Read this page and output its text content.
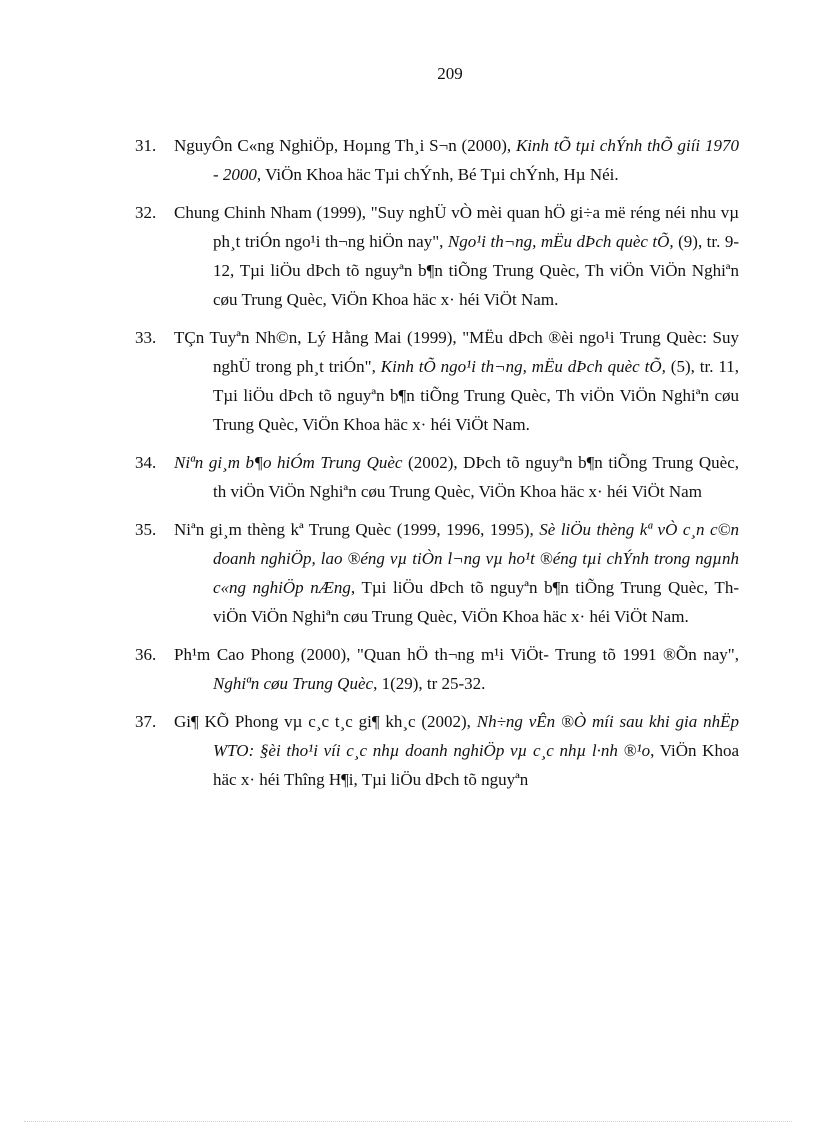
209
31. NguyÔn C«ng NghiÖp, Hoµng Th¸i S¬n (2000), Kinh tÕ tµi chÝnh thÕ giíi 1970 - 2000, ViÖn Khoa häc Tµi chÝnh, Bé Tµi chÝnh, Hµ Néi.
32. Chung Chinh Nham (1999), "Suy nghÜ vÒ mèi quan hÖ gi÷a më réng néi nhu vµ ph¸t triÓn ngo¹i th¬ng hiÖn nay", Ngo¹i th¬ng, mËu dÞch quèc tÕ, (9), tr. 9-12, Tµi liÖu dÞch tõ nguyªn b¶n tiÕng Trung Quèc, Th viÖn ViÖn Nghiªn cøu Trung Quèc, ViÖn Khoa häc x· héi ViÖt Nam.
33. TÇn Tuyªn Nh©n, Lý Hằng Mai (1999), "MËu dÞch ®èi ngo¹i Trung Quèc: Suy nghÜ trong ph¸t triÓn", Kinh tÕ ngo¹i th¬ng, mËu dÞch quèc tÕ, (5), tr. 11, Tµi liÖu dÞch tõ nguyªn b¶n tiÕng Trung Quèc, Th viÖn ViÖn Nghiªn cøu Trung Quèc, ViÖn Khoa häc x· héi ViÖt Nam.
34. Niªn gi¸m b¶o hiÓm Trung Quèc (2002), DÞch tõ nguyªn b¶n tiÕng Trung Quèc, th viÖn ViÖn Nghiªn cøu Trung Quèc, ViÖn Khoa häc x· héi ViÖt Nam
35. Niªn gi¸m thèng kª Trung Quèc (1999, 1996, 1995), Sè liÖu thèng kª vÒ c¸n c©n doanh nghiÖp, lao ®éng vµ tiÒn l¬ng vµ ho¹t ®éng tµi chÝnh trong ngµnh c«ng nghiÖp nÆng, Tµi liÖu dÞch tõ nguyªn b¶n tiÕng Trung Quèc, Th viÖn ViÖn Nghiªn cøu Trung Quèc, ViÖn Khoa häc x· héi ViÖt Nam.
36. Ph¹m Cao Phong (2000), "Quan hÖ th¬ng m¹i ViÖt- Trung tõ 1991 ®Õn nay", Nghiªn cøu Trung Quèc, 1(29), tr 25-32.
37. Gi¶ KÕ Phong vµ c¸c t¸c gi¶ kh¸c (2002), Nh÷ng vÊn ®Ò míi sau khi gia nhËp WTO: §èi tho¹i víi c¸c nhµ doanh nghiÖp vµ c¸c nhµ l·nh ®¹o, ViÖn Khoa häc x· héi Thîng H¶i, Tµi liÖu dÞch tõ nguyªn
